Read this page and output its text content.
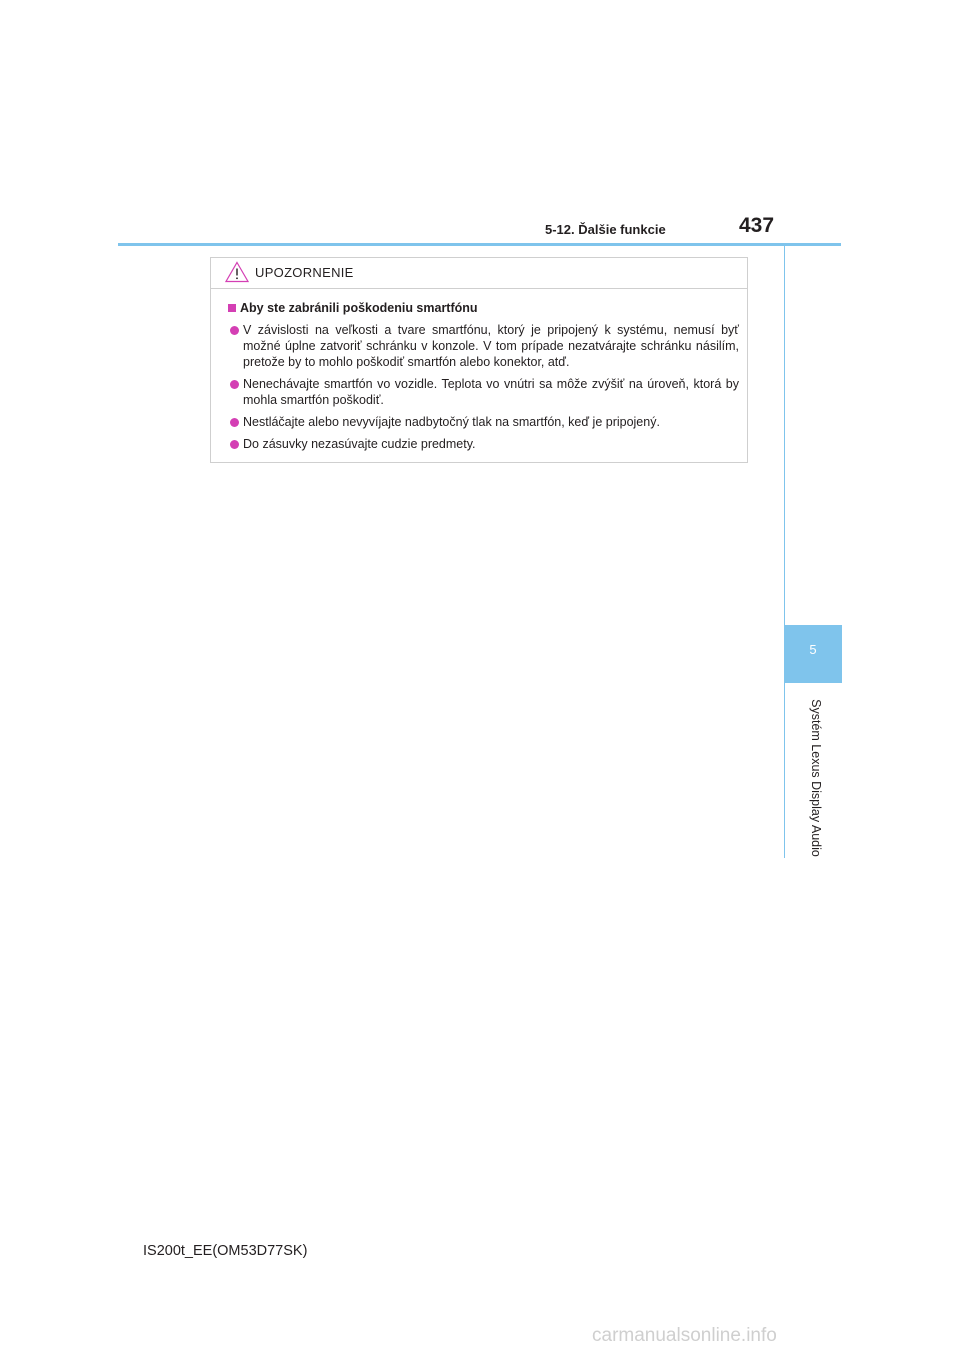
5-12. Ďalšie funkcie	437
5
Systém Lexus Display Audio
UPOZORNENIE
Aby ste zabránili poškodeniu smartfónu
V závislosti na veľkosti a tvare smartfónu, ktorý je pripojený k systému, nemusí byť možné úplne zatvoriť schránku v konzole. V tom prípade nezatvárajte schránku násilím, pretože by to mohlo poškodiť smartfón alebo konektor, atď.
Nenechávajte smartfón vo vozidle. Teplota vo vnútri sa môže zvýšiť na úroveň, ktorá by mohla smartfón poškodiť.
Nestláčajte alebo nevyvíjajte nadbytočný tlak na smartfón, keď je pripojený.
Do zásuvky nezasúvajte cudzie predmety.
IS200t_EE(OM53D77SK)
carmanualsonline.info
